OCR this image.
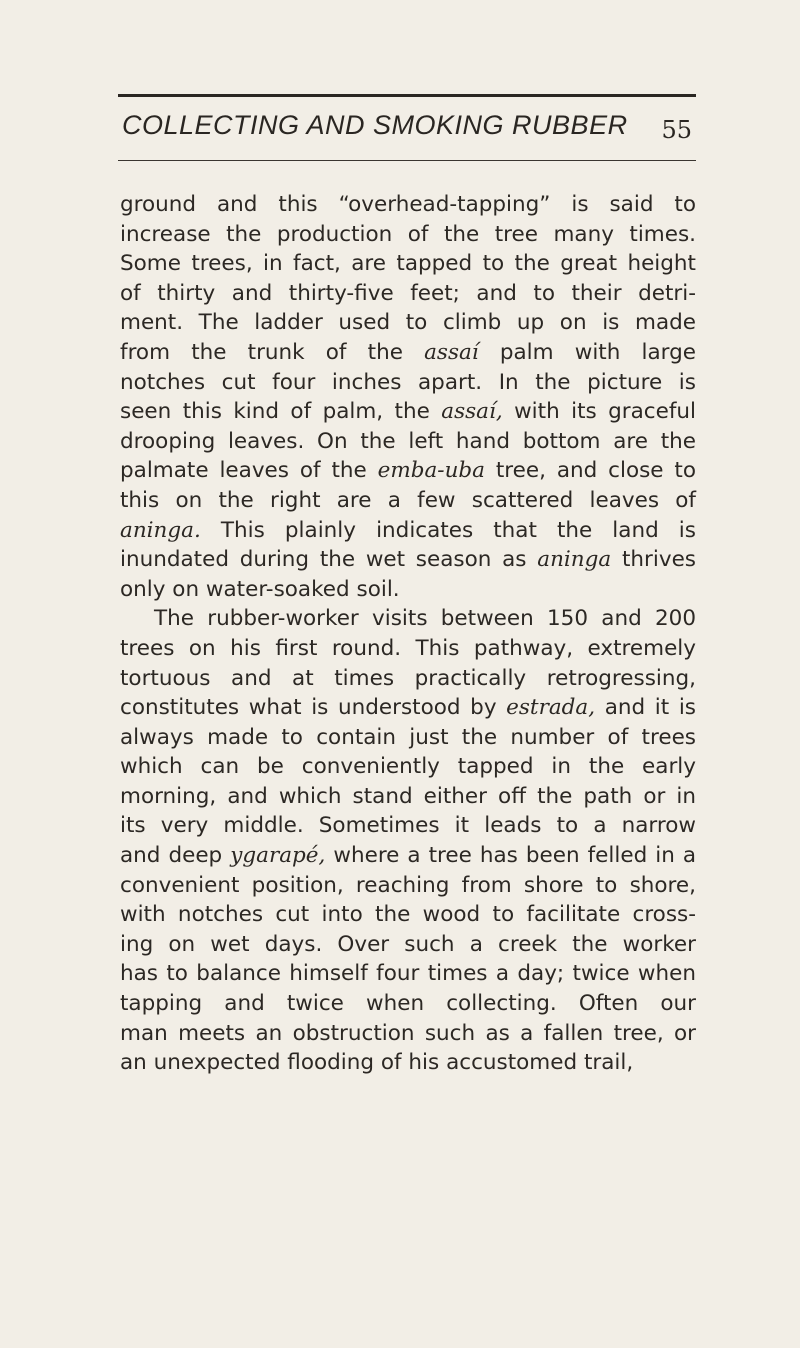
COLLECTING AND SMOKING RUBBER 55
ground and this “overhead-tapping” is said to
increase the production of the tree many times.
Some trees, in fact, are tapped to the great height
of thirty and thirty-five feet; and to their detri-
ment. The ladder used to climb up on is made
from the trunk of the assaí palm with large
notches cut four inches apart. In the picture is
seen this kind of palm, the assaí, with its graceful
drooping leaves. On the left hand bottom are the
palmate leaves of the emba-uba tree, and close to
this on the right are a few scattered leaves of
aninga. This plainly indicates that the land is
inundated during the wet season as aninga thrives
only on water-soaked soil.
The rubber-worker visits between 150 and 200
trees on his first round. This pathway, extremely
tortuous and at times practically retrogressing,
constitutes what is understood by estrada, and it is
always made to contain just the number of trees
which can be conveniently tapped in the early
morning, and which stand either off the path or in
its very middle. Sometimes it leads to a narrow
and deep ygarapé, where a tree has been felled in a
convenient position, reaching from shore to shore,
with notches cut into the wood to facilitate cross-
ing on wet days. Over such a creek the worker
has to balance himself four times a day; twice when
tapping and twice when collecting. Often our
man meets an obstruction such as a fallen tree, or
an unexpected flooding of his accustomed trail,
